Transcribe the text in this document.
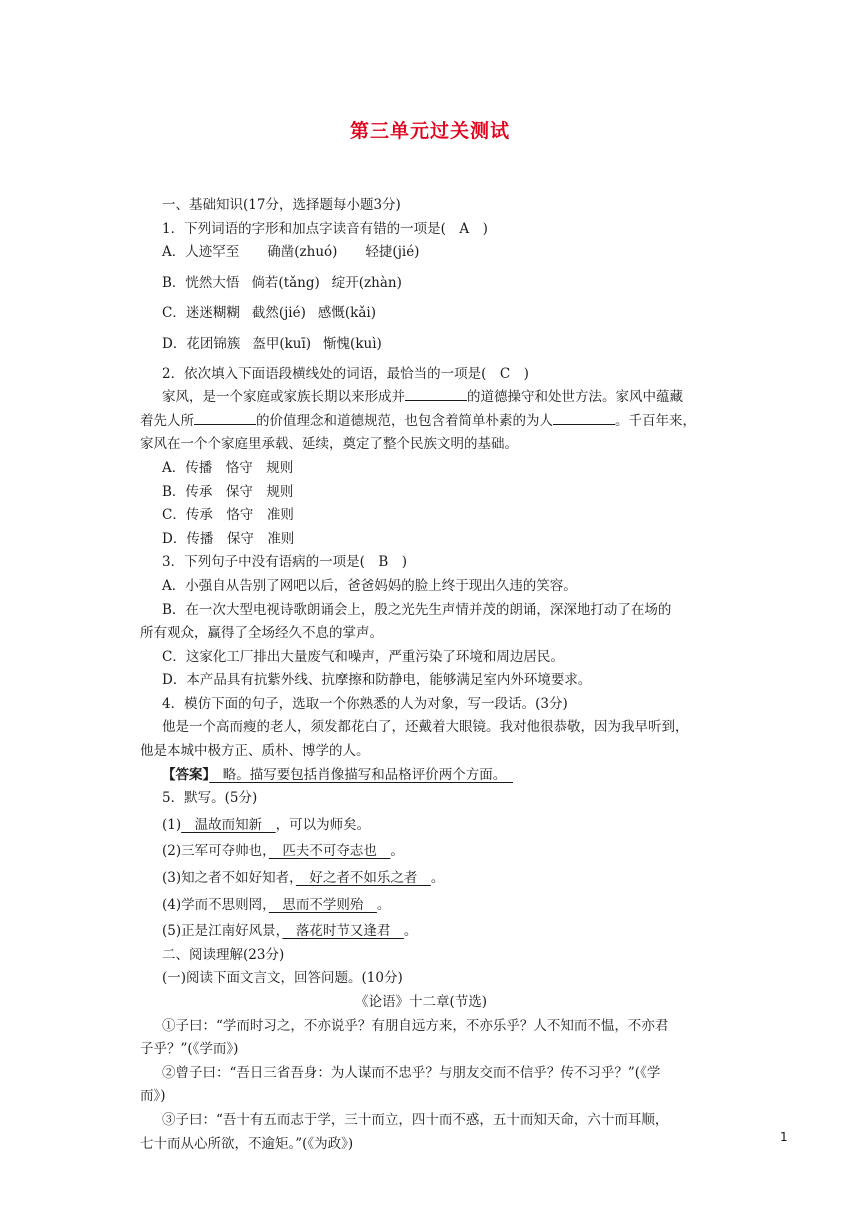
第三单元过关测试
一、基础知识(17分，选择题每小题3分)
1．下列词语的字形和加点字读音有错的一项是(　A　)
A．人迹罕至 确凿(zhuó) 轻捷(jié)
B．恍然大悟 倘若(tǎng) 绽开(zhàn)
C．迷迷糊糊 截然(jié) 感慨(kǎi)
D．花团锦簇 盔甲(kuī) 惭愧(kuì)
2．依次填入下面语段横线处的词语，最恰当的一项是(　C　)
家风，是一个家庭或家族长期以来形成并	的道德操守和处世方法。家风中蕴藏
着先人所	的价值理念和道德规范，也包含着简单朴素的为人	。千百年来，
家风在一个个家庭里承载、延续，奠定了整个民族文明的基础。
A．传播　恪守　规则
B．传承　保守　规则
C．传承　恪守　准则
D．传播　保守　准则
3．下列句子中没有语病的一项是(　B　)
A．小强自从告别了网吧以后，爸爸妈妈的脸上终于现出久违的笑容。
B．在一次大型电视诗歌朗诵会上，殷之光先生声情并茂的朗诵，深深地打动了在场的
所有观众，赢得了全场经久不息的掌声。
C．这家化工厂排出大量废气和噪声，严重污染了环境和周边居民。
D．本产品具有抗紫外线、抗摩擦和防静电，能够满足室内外环境要求。
4．模仿下面的句子，选取一个你熟悉的人为对象，写一段话。(3分)
他是一个高而瘦的老人，须发都花白了，还戴着大眼镜。我对他很恭敬，因为我早听到，
他是本城中极方正、质朴、博学的人。
【答案】　略。描写要包括肖像描写和品格评价两个方面。　
5．默写。(5分)
(1)　温故而知新　，可以为师矣。
(2)三军可夺帅也，　匹夫不可夺志也　。
(3)知之者不如好知者，　好之者不如乐之者　。
(4)学而不思则罔，　思而不学则殆　。
(5)正是江南好风景，　落花时节又逢君　。
二、阅读理解(23分)
(一)阅读下面文言文，回答问题。(10分)
《论语》十二章(节选)
①子曰：“学而时习之，不亦说乎？有朋自远方来，不亦乐乎？人不知而不愠，不亦君
子乎？”(《学而》)
②曾子曰：“吾日三省吾身：为人谋而不忠乎？与朋友交而不信乎？传不习乎？”(《学
而》)
③子曰：“吾十有五而志于学，三十而立，四十而不惑，五十而知天命，六十而耳顺，
七十而从心所欲，不逾矩。”(《为政》)	1
